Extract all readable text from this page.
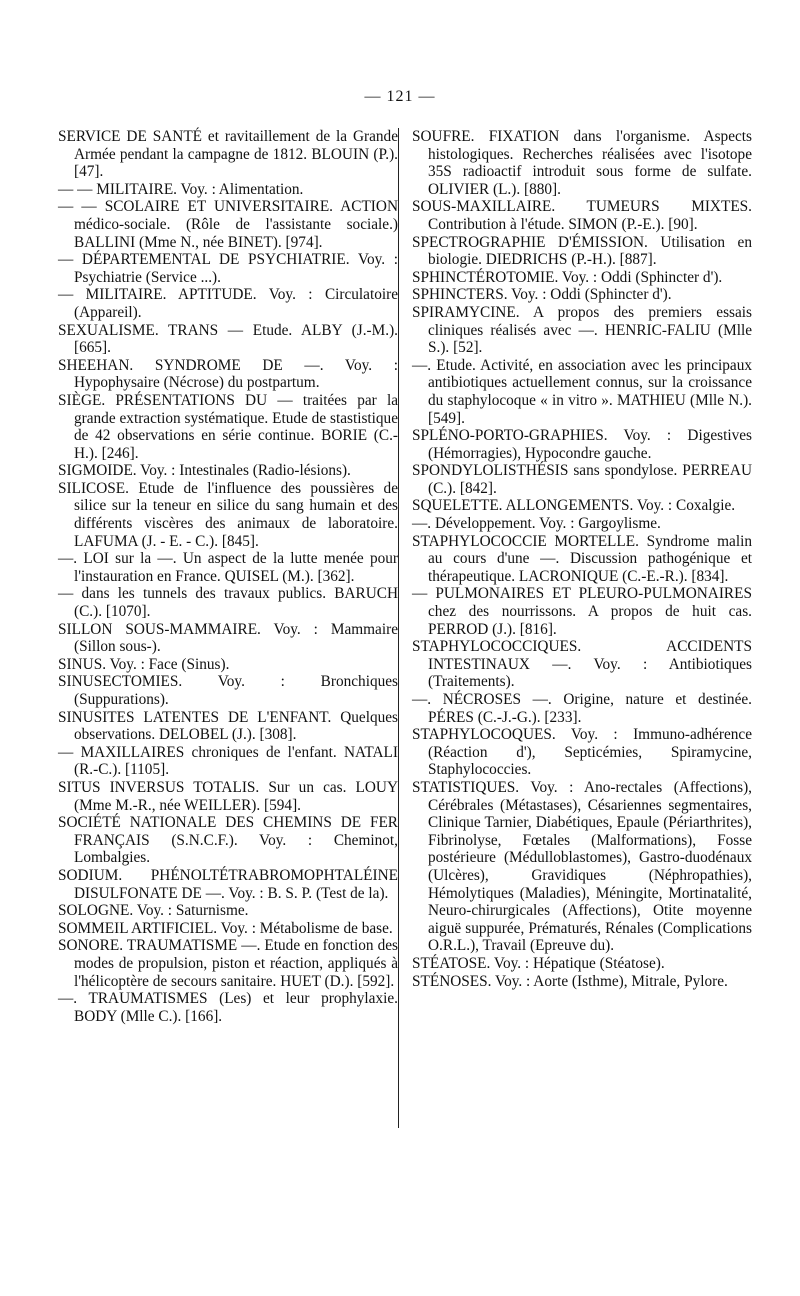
— 121 —

SERVICE DE SANTÉ et ravitaillement de la Grande Armée pendant la campagne de 1812. BLOUIN (P.). [47].

— — MILITAIRE. Voy. : Alimentation.

— — SCOLAIRE ET UNIVERSITAIRE. ACTION médico-sociale. (Rôle de l'assistante sociale.) BALLINI (Mme N., née BINET). [974].

— DÉPARTEMENTAL DE PSYCHIATRIE. Voy. : Psychiatrie (Service ...).

— MILITAIRE. APTITUDE. Voy. : Circulatoire (Appareil).

SEXUALISME. TRANS — Etude. ALBY (J.-M.). [665].

SHEEHAN. SYNDROME DE —. Voy. : Hypophysaire (Nécrose) du postpartum.

SIÈGE. PRÉSENTATIONS DU — traitées par la grande extraction systématique. Etude de stastistique de 42 observations en série continue. BORIE (C.-H.). [246].

SIGMOIDE. Voy. : Intestinales (Radio-lésions).

SILICOSE. Etude de l'influence des poussières de silice sur la teneur en silice du sang humain et des différents viscères des animaux de laboratoire. LAFUMA (J. - E. - C.). [845].

—. LOI sur la —. Un aspect de la lutte menée pour l'instauration en France. QUISEL (M.). [362].

— dans les tunnels des travaux publics. BARUCH (C.). [1070].

SILLON SOUS-MAMMAIRE. Voy. : Mammaire (Sillon sous-).

SINUS. Voy. : Face (Sinus).

SINUSECTOMIES. Voy. : Bronchiques (Suppurations).

SINUSITES LATENTES DE L'ENFANT. Quelques observations. DELOBEL (J.). [308].

— MAXILLAIRES chroniques de l'enfant. NATALI (R.-C.). [1105].

SITUS INVERSUS TOTALIS. Sur un cas. LOUY (Mme M.-R., née WEILLER). [594].

SOCIÉTÉ NATIONALE DES CHEMINS DE FER FRANÇAIS (S.N.C.F.). Voy. : Cheminot, Lombalgies.

SODIUM. PHÉNOLTÉTRABROMOPHTALÉINE DISULFONATE DE —. Voy. : B. S. P. (Test de la).

SOLOGNE. Voy. : Saturnisme.

SOMMEIL ARTIFICIEL. Voy. : Métabolisme de base.

SONORE. TRAUMATISME —. Etude en fonction des modes de propulsion, piston et réaction, appliqués à l'hélicoptère de secours sanitaire. HUET (D.). [592].

—. TRAUMATISMES (Les) et leur prophylaxie. BODY (Mlle C.). [166].

SOUFRE. FIXATION dans l'organisme. Aspects histologiques. Recherches réalisées avec l'isotope 35S radioactif introduit sous forme de sulfate. OLIVIER (L.). [880].

SOUS-MAXILLAIRE. TUMEURS MIXTES. Contribution à l'étude. SIMON (P.-E.). [90].

SPECTROGRAPHIE D'ÉMISSION. Utilisation en biologie. DIEDRICHS (P.-H.). [887].

SPHINCTÉROTOMIE. Voy. : Oddi (Sphincter d').

SPHINCTERS. Voy. : Oddi (Sphincter d').

SPIRAMYCINE. A propos des premiers essais cliniques réalisés avec —. HENRIC-FALIU (Mlle S.). [52].

—. Etude. Activité, en association avec les principaux antibiotiques actuellement connus, sur la croissance du staphylocoque « in vitro ». MATHIEU (Mlle N.). [549].

SPLÉNO-PORTO-GRAPHIES. Voy. : Digestives (Hémorragies), Hypocondre gauche.

SPONDYLOLISTHÉSIS sans spondylose. PERREAU (C.). [842].

SQUELETTE. ALLONGEMENTS. Voy. : Coxalgie.

—. Développement. Voy. : Gargoylisme.

STAPHYLOCOCCIE MORTELLE. Syndrome malin au cours d'une —. Discussion pathogénique et thérapeutique. LACRONIQUE (C.-E.-R.). [834].

— PULMONAIRES ET PLEURO-PULMONAIRES chez des nourrissons. A propos de huit cas. PERROD (J.). [816].

STAPHYLOCOCCIQUES. ACCIDENTS INTESTINAUX —. Voy. : Antibiotiques (Traitements).

—. NÉCROSES —. Origine, nature et destinée. PÉRES (C.-J.-G.). [233].

STAPHYLOCOQUES. Voy. : Immuno-adhérence (Réaction d'), Septicémies, Spiramycine, Staphylococcies.

STATISTIQUES. Voy. : Ano-rectales (Affections), Cérébrales (Métastases), Césariennes segmentaires, Clinique Tarnier, Diabétiques, Epaule (Périarthrites), Fibrinolyse, Fœtales (Malformations), Fosse postérieure (Médulloblastomes), Gastro-duodénaux (Ulcères), Gravidiques (Néphropathies), Hémolytiques (Maladies), Méningite, Mortinatalité, Neuro-chirurgicales (Affections), Otite moyenne aiguë suppurée, Prématurés, Rénales (Complications O.R.L.), Travail (Epreuve du).

STÉATOSE. Voy. : Hépatique (Stéatose).

STÉNOSES. Voy. : Aorte (Isthme), Mitrale, Pylore.
